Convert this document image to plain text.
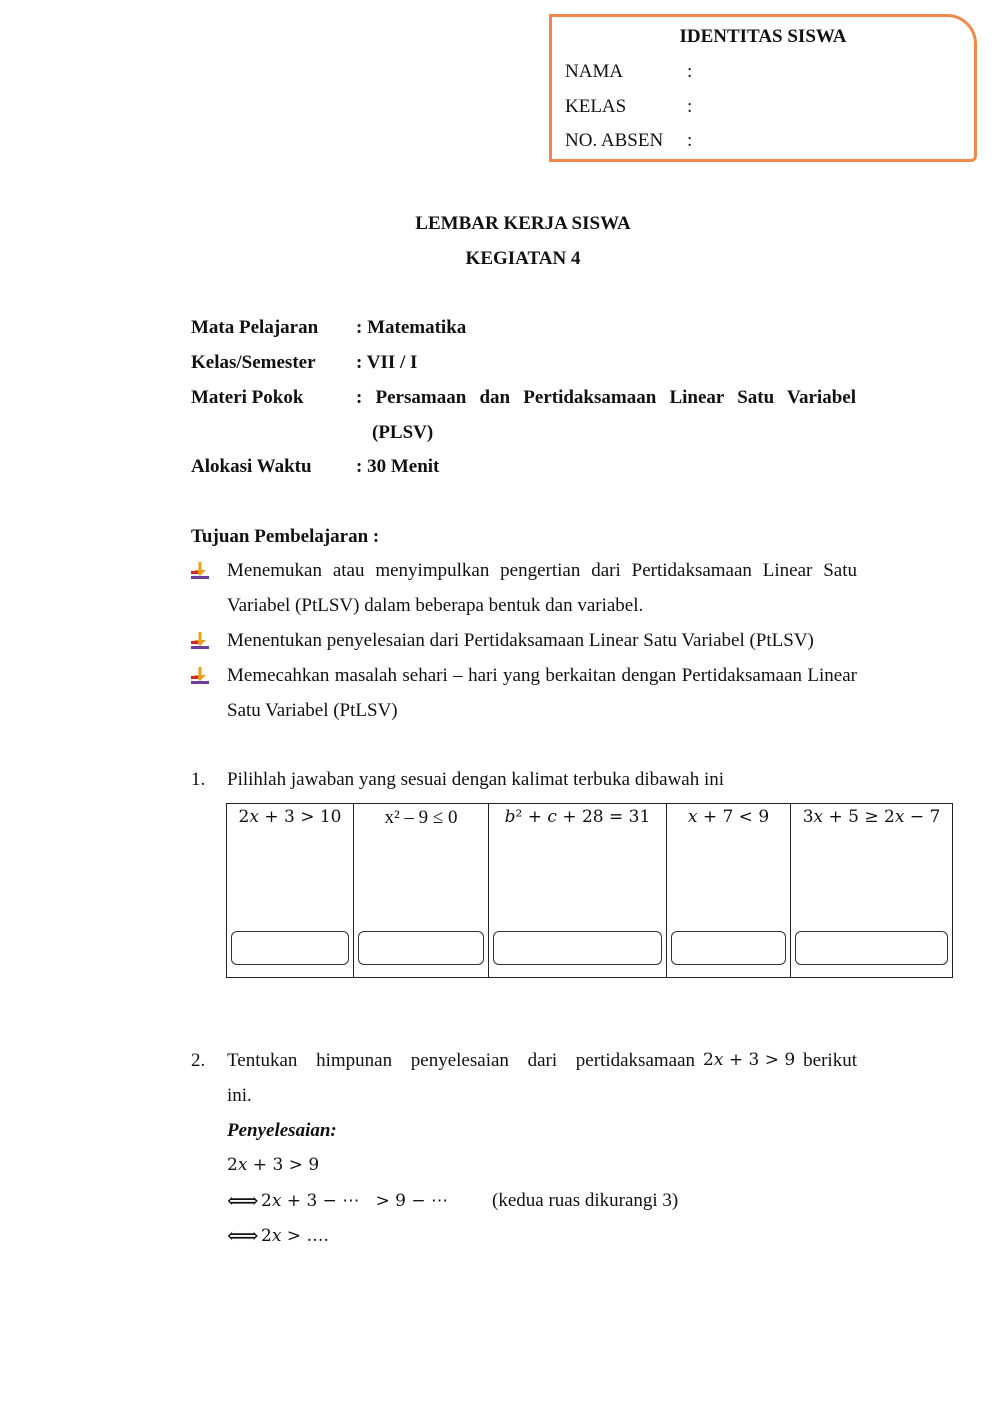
IDENTITAS SISWA
NAMA	:
KELAS	:
NO. ABSEN :
LEMBAR KERJA SISWA
KEGIATAN 4
Mata Pelajaran : Matematika
Kelas/Semester : VII / I
Materi Pokok	: Persamaan dan Pertidaksamaan Linear Satu Variabel
(PLSV)
Alokasi Waktu : 30 Menit
Tujuan Pembelajaran :
Menemukan atau menyimpulkan pengertian dari Pertidaksamaan Linear Satu Variabel (PtLSV) dalam beberapa bentuk dan variabel.
Menentukan penyelesaian dari Pertidaksamaan Linear Satu Variabel (PtLSV)
Memecahkan masalah sehari – hari yang berkaitan dengan Pertidaksamaan Linear Satu Variabel (PtLSV)
1. Pilihlah jawaban yang sesuai dengan kalimat terbuka dibawah ini
2𝑥 + 3 > 10	x² – 9 ≤ 0	𝑏² + 𝑐 + 28 = 31	𝑥 + 7 < 9	3𝑥 + 5 ≥ 2𝑥 − 7
2. Tentukan himpunan penyelesaian dari pertidaksamaan 2𝑥 + 3 > 9 berikut
ini.
Penyelesaian:
2𝑥 + 3 > 9
⟺ 2𝑥 + 3 − ⋯   > 9 − ⋯ (kedua ruas dikurangi 3)
⟺ 2𝑥 > ….
